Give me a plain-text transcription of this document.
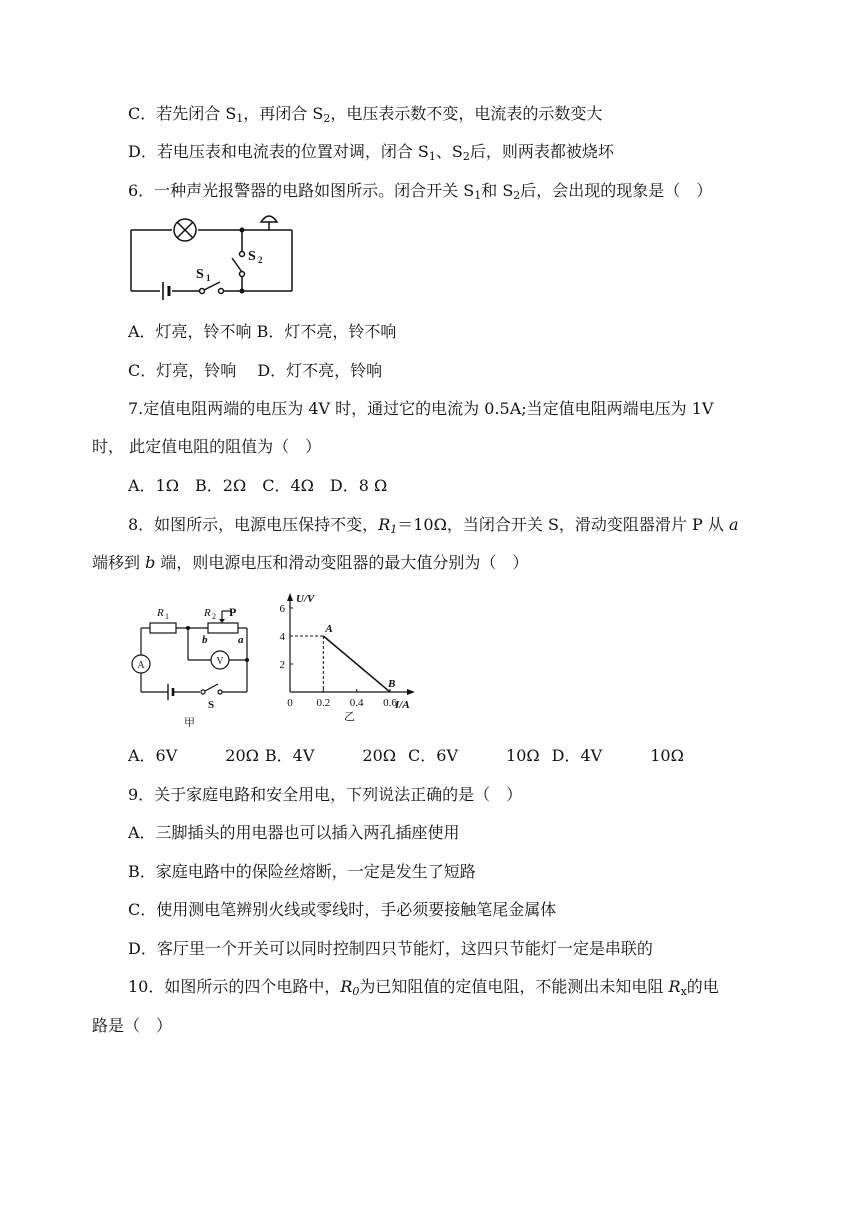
C．若先闭合 $S_1$，再闭合 $S_2$，电压表示数不变，电流表的示数变大
D．若电压表和电流表的位置对调，闭合 $S_1$、$S_2$后，则两表都被烧坏
6．一种声光报警器的电路如图所示。闭合开关 $S_1$和 $S_2$后，会出现的现象是（　）
S 1
S 2
A．灯亮，铃不响 B．灯不亮，铃不响
C．灯亮，铃响　 D．灯不亮，铃响
7.定值电阻两端的电压为 4V 时，通过它的电流为 0.5A;当定值电阻两端电压为 1V
时， 此定值电阻的阻值为（　）
A．1Ω　B．2Ω　C．4Ω　D．8 Ω
8．如图所示，电源电压保持不变，$R_1=10\Omega$，当闭合开关 S，滑动变阻器滑片 P 从 a
端移到 b 端，则电源电压和滑动变阻器的最大值分别为（　）
R 1	R 2 P
b	a
A	V
S
甲
2
4
6
0.2 0.4 0.6
A
B
U/V
I/A
0
乙
A．6V	20Ω B．4V	20Ω C．6V	10Ω D．4V	10Ω
9．关于家庭电路和安全用电，下列说法正确的是（　）
A．三脚插头的用电器也可以插入两孔插座使用
B．家庭电路中的保险丝熔断，一定是发生了短路
C．使用测电笔辨别火线或零线时，手必须要接触笔尾金属体
D．客厅里一个开关可以同时控制四只节能灯，这四只节能灯一定是串联的
10．如图所示的四个电路中，$R_0$为已知阻值的定值电阻，不能测出未知电阻 $R_x$的电
路是（　）
